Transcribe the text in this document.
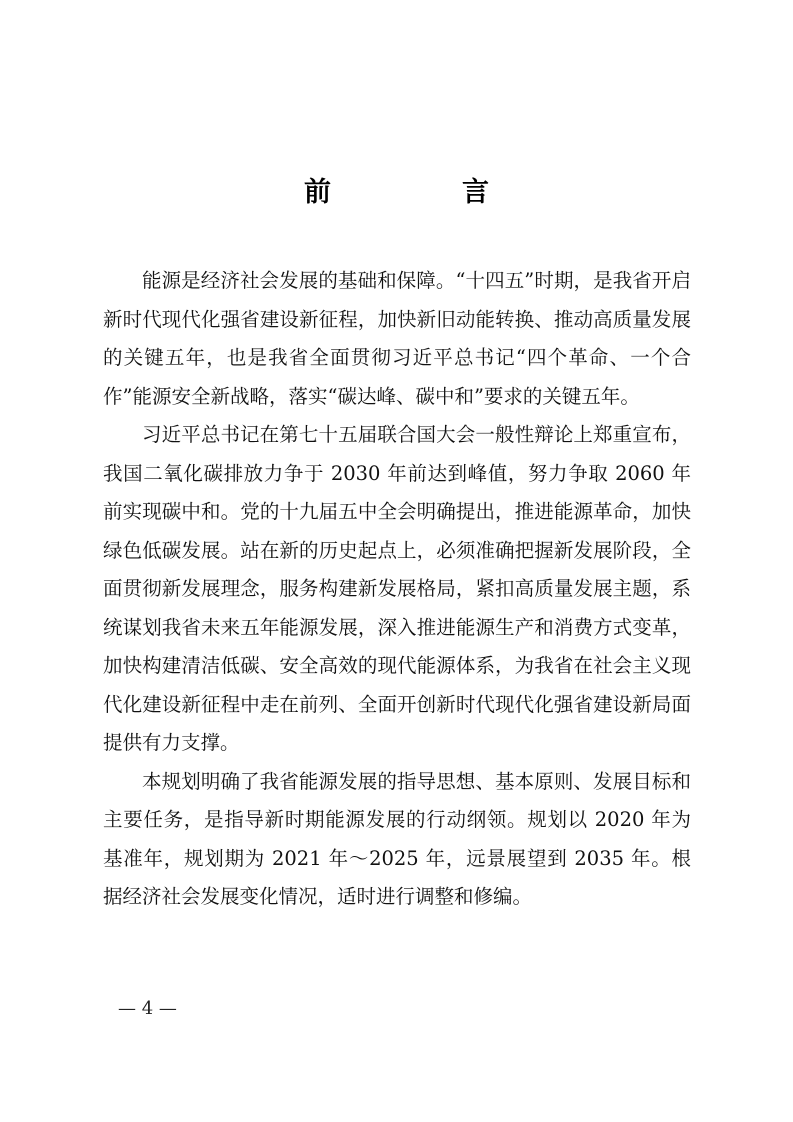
前　言

能源是经济社会发展的基础和保障。“十四五”时期，是我省开启新时代现代化强省建设新征程，加快新旧动能转换、推动高质量发展的关键五年，也是我省全面贯彻习近平总书记“四个革命、一个合作”能源安全新战略，落实“碳达峰、碳中和”要求的关键五年。

习近平总书记在第七十五届联合国大会一般性辩论上郑重宣布，我国二氧化碳排放力争于 2030 年前达到峰值，努力争取 2060 年前实现碳中和。党的十九届五中全会明确提出，推进能源革命，加快绿色低碳发展。站在新的历史起点上，必须准确把握新发展阶段，全面贯彻新发展理念，服务构建新发展格局，紧扣高质量发展主题，系统谋划我省未来五年能源发展，深入推进能源生产和消费方式变革，加快构建清洁低碳、安全高效的现代能源体系，为我省在社会主义现代化建设新征程中走在前列、全面开创新时代现代化强省建设新局面提供有力支撑。

本规划明确了我省能源发展的指导思想、基本原则、发展目标和主要任务，是指导新时期能源发展的行动纲领。规划以 2020 年为基准年，规划期为 2021 年～2025 年，远景展望到 2035 年。根据经济社会发展变化情况，适时进行调整和修编。

— 4 —
